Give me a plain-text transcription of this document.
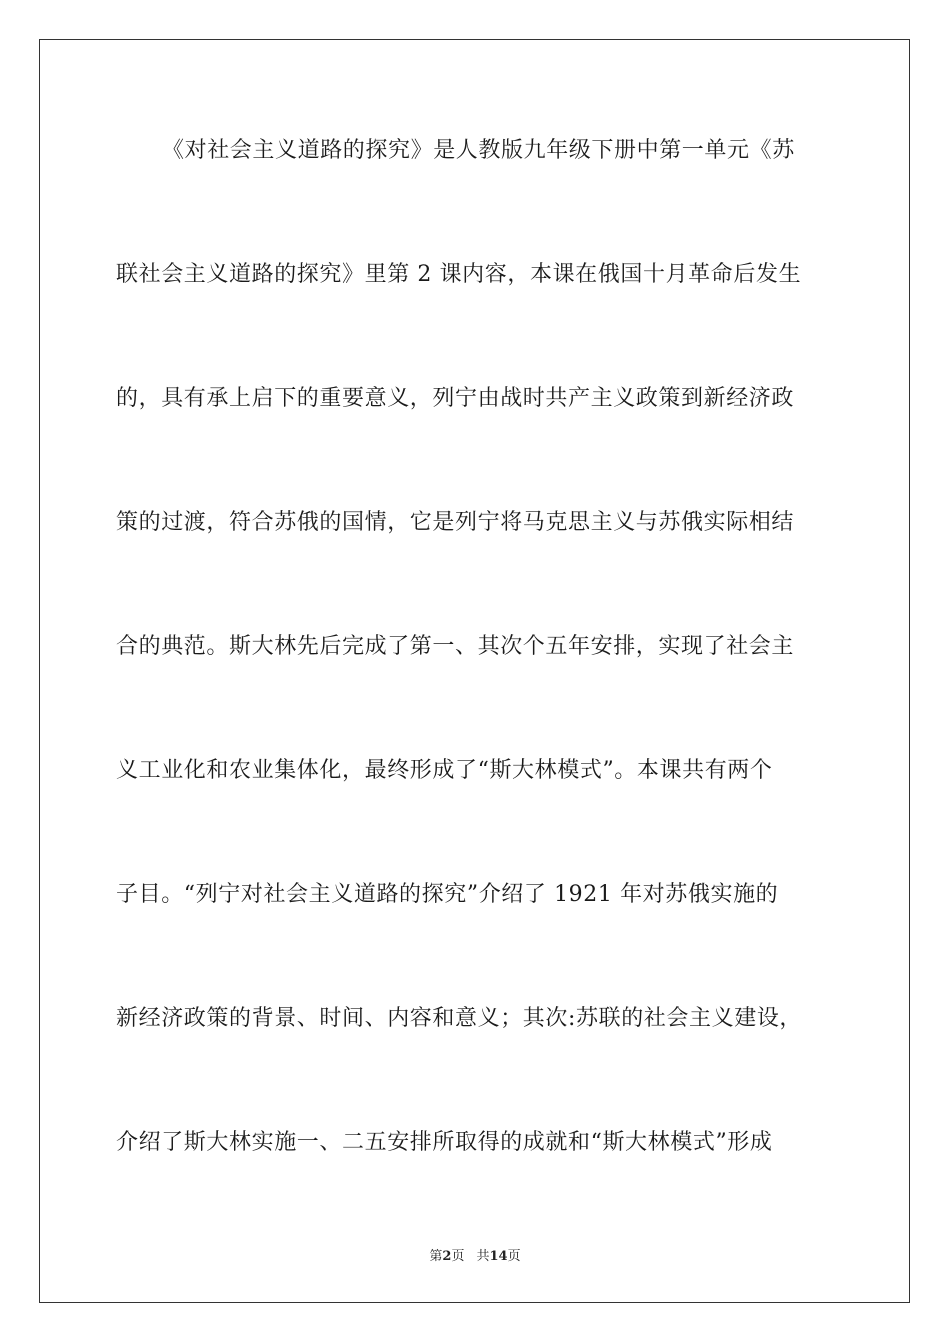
《对社会主义道路的探究》是人教版九年级下册中第一单元《苏
联社会主义道路的探究》里第 2 课内容，本课在俄国十月革命后发生
的，具有承上启下的重要意义，列宁由战时共产主义政策到新经济政
策的过渡，符合苏俄的国情，它是列宁将马克思主义与苏俄实际相结
合的典范。斯大林先后完成了第一、其次个五年安排，实现了社会主
义工业化和农业集体化，最终形成了“斯大林模式”。本课共有两个
子目。“列宁对社会主义道路的探究”介绍了 1921 年对苏俄实施的
新经济政策的背景、时间、内容和意义；其次:苏联的社会主义建设，
介绍了斯大林实施一、二五安排所取得的成就和“斯大林模式”形成
第2页 共14页
